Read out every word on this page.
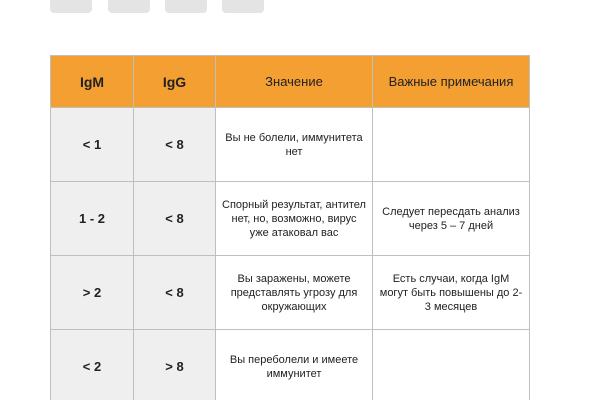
IgM	IgG	Значение	Важные примечания
< 1	< 8	Вы не болели, иммунитета нет	
1 - 2	< 8	Спорный результат, антител нет, но, возможно, вирус уже атаковал вас	Следует пересдать анализ через 5 – 7 дней
> 2	< 8	Вы заражены, можете представлять угрозу для окружающих	Есть случаи, когда IgM могут быть повышены до 2-3 месяцев
< 2	> 8	Вы переболели и имеете иммунитет	
